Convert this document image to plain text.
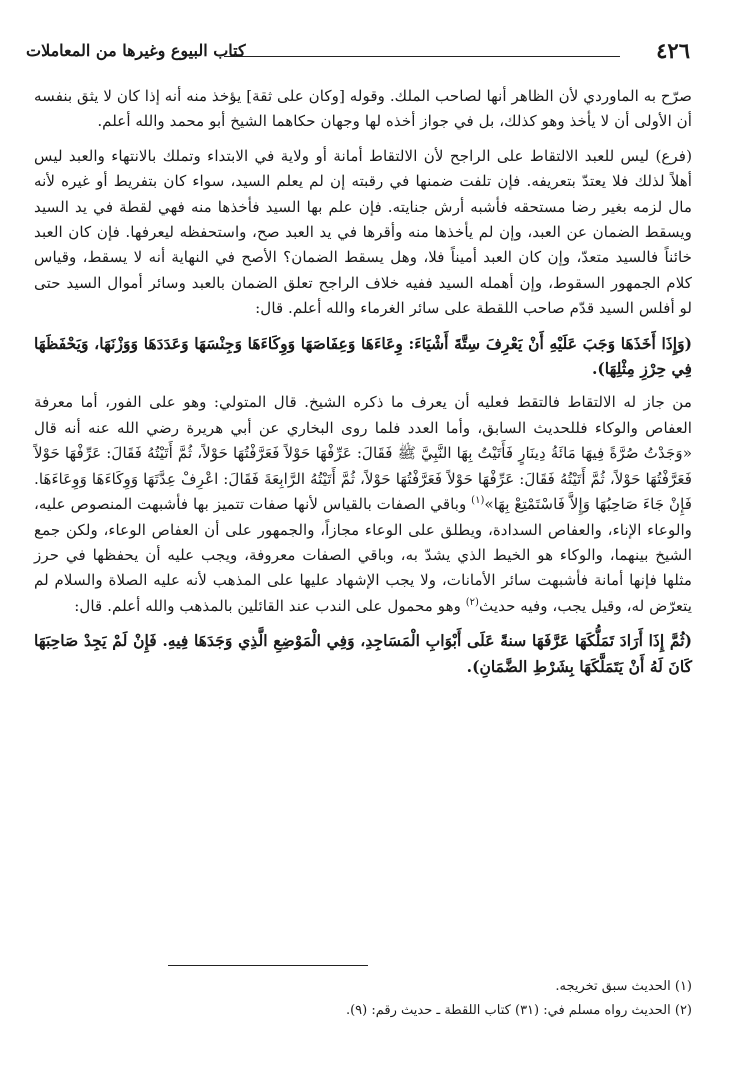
٤٢٦
كتاب البيوع وغيرها من المعاملات

صرّح به الماوردي لأن الظاهر أنها لصاحب الملك. وقوله [وكان على ثقة] يؤخذ منه أنه إذا كان لا يثق بنفسه أن الأولى أن لا يأخذ وهو كذلك، بل في جواز أخذه لها وجهان حكاهما الشيخ أبو محمد والله أعلم.

(فرع) ليس للعبد الالتقاط على الراجح لأن الالتقاط أمانة أو ولاية في الابتداء وتملك بالانتهاء والعبد ليس أهلاً لذلك فلا يعتدّ بتعريفه. فإن تلفت ضمنها في رقبته إن لم يعلم السيد، سواء كان بتفريط أو غيره لأنه مال لزمه بغير رضا مستحقه فأشبه أرش جنايته. فإن علم بها السيد فأخذها منه فهي لقطة في يد السيد ويسقط الضمان عن العبد، وإن لم يأخذها منه وأقرها في يد العبد صح، واستحفظه ليعرفها. فإن كان العبد خائناً فالسيد متعدّ، وإن كان العبد أميناً فلا، وهل يسقط الضمان؟ الأصح في النهاية أنه لا يسقط، وقياس كلام الجمهور السقوط، وإن أهمله السيد ففيه خلاف الراجح تعلق الضمان بالعبد وسائر أموال السيد حتى لو أفلس السيد قدّم صاحب اللقطة على سائر الغرماء والله أعلم. قال:

(وَإِذَا أَخَذَهَا وَجَبَ عَلَيْهِ أَنْ يَعْرِفَ سِتَّةَ أَشْيَاءَ: وِعَاءَهَا وَعِفَاصَهَا وَوِكَاءَهَا وَجِنْسَهَا وَعَدَدَهَا وَوَزْنَهَا، وَيَحْفَظَهَا فِي حِرْزِ مِثْلِهَا).

من جاز له الالتقاط فالتقط فعليه أن يعرف ما ذكره الشيخ. قال المتولي: وهو على الفور، أما معرفة العفاص والوكاء فللحديث السابق، وأما العدد فلما روى البخاري عن أبي هريرة رضي الله عنه أنه قال «وَجَدْتُ صُرَّةً فِيهَا مَائَةُ دِينَارٍ فَأَتَيْتُ بِهَا النَّبِيَّ ﷺ فَقَالَ: عَرِّفْهَا حَوْلاً فَعَرَّفْتُهَا حَوْلاً، ثُمَّ أَتَيْتُهُ فَقَالَ: عَرِّفْهَا حَوْلاً فَعَرَّفْتُهَا حَوْلاً، ثُمَّ أَتَيْتُهُ فَقَالَ: عَرِّفْهَا حَوْلاً فَعَرَّفْتُهَا حَوْلاً، ثُمَّ أَتَيْتُهُ الرَّابِعَةَ فَقَالَ: اعْرِفْ عِدَّتَهَا وَوِكَاءَهَا وَوِعَاءَهَا. فَإِنْ جَاءَ صَاحِبُهَا وَإِلاَّ فَاسْتَمْتِعْ بِهَا»$^{(١)}$ وباقي الصفات بالقياس لأنها صفات تتميز بها فأشبهت المنصوص عليه، والوعاء الإناء، والعفاص السدادة، ويطلق على الوعاء مجازاً، والجمهور على أن العفاص الوعاء، ولكن جمع الشيخ بينهما، والوكاء هو الخيط الذي يشدّ به، وباقي الصفات معروفة، ويجب عليه أن يحفظها في حرز مثلها فإنها أمانة فأشبهت سائر الأمانات، ولا يجب الإشهاد عليها على المذهب لأنه عليه الصلاة والسلام لم يتعرّض له، وقيل يجب، وفيه حديث$^{(٢)}$ وهو محمول على الندب عند القائلين بالمذهب والله أعلم. قال:

(ثُمَّ إِذَا أَرَادَ تَمَلُّكَهَا عَرَّفَهَا سنةً عَلَى أَبْوَابِ الْمَسَاجِدِ، وَفِي الْمَوْضِعِ الَّذِي وَجَدَهَا فِيهِ. فَإِنْ لَمْ يَجِدْ صَاحِبَهَا كَانَ لَهُ أَنْ يَتَمَلَّكَهَا بِشَرْطِ الضَّمَانِ).

(١) الحديث سبق تخريجه.

(٢) الحديث رواه مسلم في: (٣١) كتاب اللقطة ـ حديث رقم: (٩).
